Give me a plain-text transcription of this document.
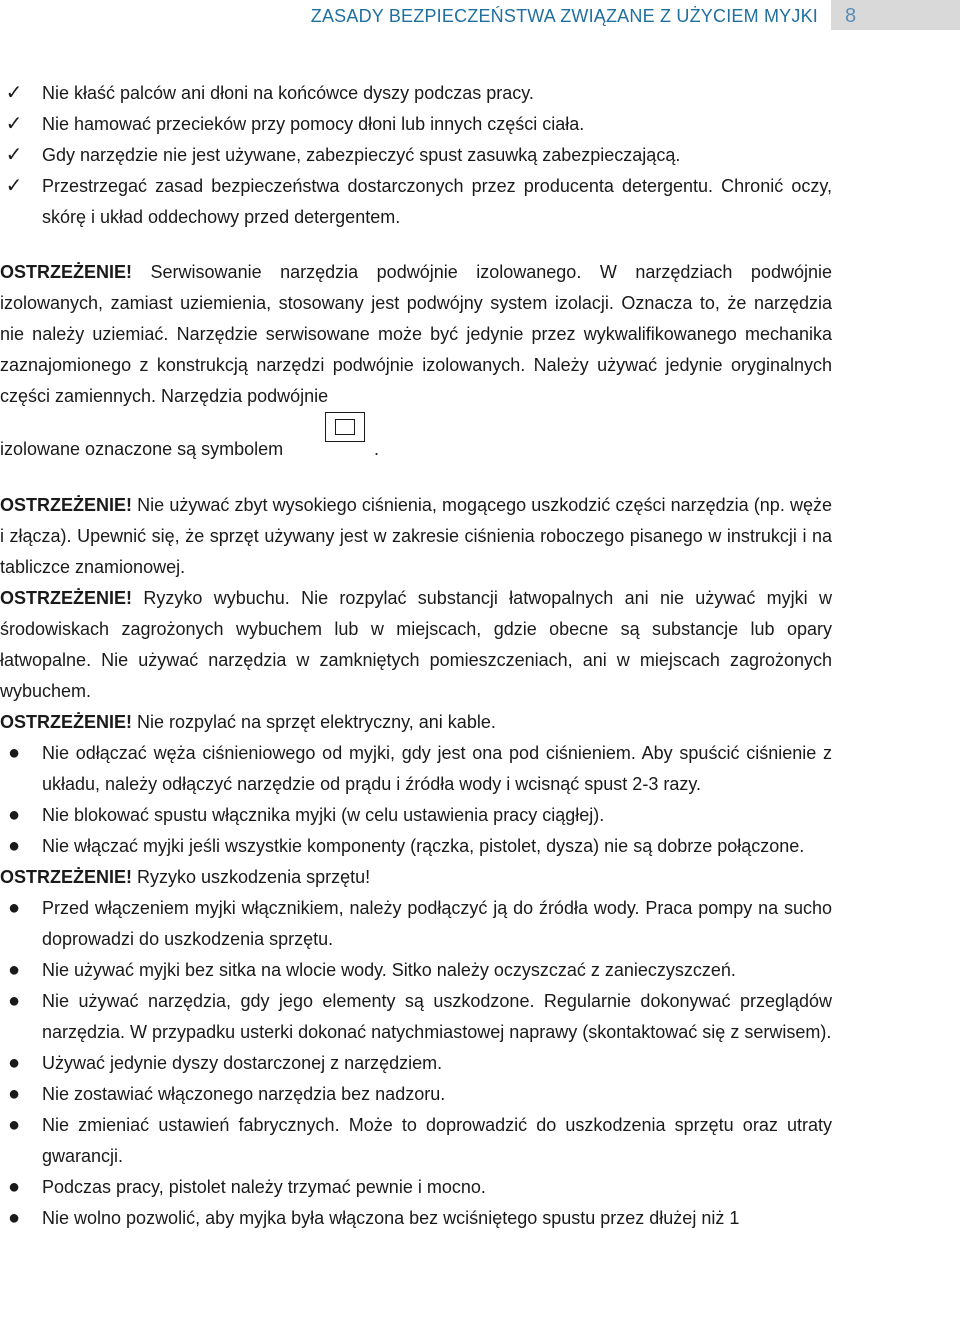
ZASADY BEZPIECZEŃSTWA ZWIĄZANE Z UŻYCIEM MYJKI	8
✓ Nie kłaść palców ani dłoni na końcówce dyszy podczas pracy.
✓ Nie hamować przecieków przy pomocy dłoni lub innych części ciała.
✓ Gdy narzędzie nie jest używane, zabezpieczyć spust zasuwką zabezpieczającą.
✓ Przestrzegać zasad bezpieczeństwa dostarczonych przez producenta detergentu. Chronić oczy, skórę i układ oddechowy przed detergentem.

OSTRZEŻENIE! Serwisowanie narzędzia podwójnie izolowanego. W narzędziach podwójnie izolowanych, zamiast uziemienia, stosowany jest podwójny system izolacji. Oznacza to, że narzędzia nie należy uziemiać. Narzędzie serwisowane może być jedynie przez wykwalifikowanego mechanika zaznajomionego z konstrukcją narzędzi podwójnie izolowanych. Należy używać jedynie oryginalnych części zamiennych. Narzędzia podwójnie

izolowane oznaczone są symbolem	.

OSTRZEŻENIE! Nie używać zbyt wysokiego ciśnienia, mogącego uszkodzić części narzędzia (np. węże i złącza). Upewnić się, że sprzęt używany jest w zakresie ciśnienia roboczego pisanego w instrukcji i na tabliczce znamionowej.

OSTRZEŻENIE! Ryzyko wybuchu. Nie rozpylać substancji łatwopalnych ani nie używać myjki w środowiskach zagrożonych wybuchem lub w miejscach, gdzie obecne są substancje lub opary łatwopalne. Nie używać narzędzia w zamkniętych pomieszczeniach, ani w miejscach zagrożonych wybuchem.

OSTRZEŻENIE! Nie rozpylać na sprzęt elektryczny, ani kable.

● Nie odłączać węża ciśnieniowego od myjki, gdy jest ona pod ciśnieniem. Aby spuścić ciśnienie z układu, należy odłączyć narzędzie od prądu i źródła wody i wcisnąć spust 2-3 razy.
● Nie blokować spustu włącznika myjki (w celu ustawienia pracy ciągłej).
● Nie włączać myjki jeśli wszystkie komponenty (rączka, pistolet, dysza) nie są dobrze połączone.

OSTRZEŻENIE! Ryzyko uszkodzenia sprzętu!

● Przed włączeniem myjki włącznikiem, należy podłączyć ją do źródła wody. Praca pompy na sucho doprowadzi do uszkodzenia sprzętu.
● Nie używać myjki bez sitka na wlocie wody. Sitko należy oczyszczać z zanieczyszczeń.
● Nie używać narzędzia, gdy jego elementy są uszkodzone. Regularnie dokonywać przeglądów narzędzia. W przypadku usterki dokonać natychmiastowej naprawy (skontaktować się z serwisem).
● Używać jedynie dyszy dostarczonej z narzędziem.
● Nie zostawiać włączonego narzędzia bez nadzoru.
● Nie zmieniać ustawień fabrycznych. Może to doprowadzić do uszkodzenia sprzętu oraz utraty gwarancji.
● Podczas pracy, pistolet należy trzymać pewnie i mocno.
● Nie wolno pozwolić, aby myjka była włączona bez wciśniętego spustu przez dłużej niż 1
